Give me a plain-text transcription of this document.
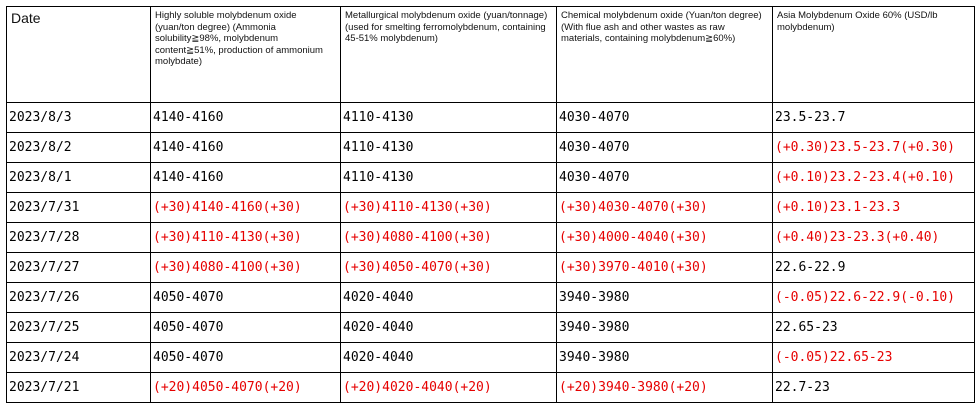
Date	Highly soluble molybdenum oxide (yuan/ton degree) (Ammonia solubility≧98%, molybdenum content≧51%, production of ammonium molybdate)	Metallurgical molybdenum oxide (yuan/tonnage) (used for smelting ferromolybdenum, containing 45-51% molybdenum)	Chemical molybdenum oxide (Yuan/ton degree) (With flue ash and other wastes as raw materials, containing molybdenum≧60%)	Asia Molybdenum Oxide 60% (USD/lb molybdenum)
2023/8/3	4140-4160	4110-4130	4030-4070	23.5-23.7
2023/8/2	4140-4160	4110-4130	4030-4070	(+0.30)23.5-23.7(+0.30)
2023/8/1	4140-4160	4110-4130	4030-4070	(+0.10)23.2-23.4(+0.10)
2023/7/31	(+30)4140-4160(+30)	(+30)4110-4130(+30)	(+30)4030-4070(+30)	(+0.10)23.1-23.3
2023/7/28	(+30)4110-4130(+30)	(+30)4080-4100(+30)	(+30)4000-4040(+30)	(+0.40)23-23.3(+0.40)
2023/7/27	(+30)4080-4100(+30)	(+30)4050-4070(+30)	(+30)3970-4010(+30)	22.6-22.9
2023/7/26	4050-4070	4020-4040	3940-3980	(-0.05)22.6-22.9(-0.10)
2023/7/25	4050-4070	4020-4040	3940-3980	22.65-23
2023/7/24	4050-4070	4020-4040	3940-3980	(-0.05)22.65-23
2023/7/21	(+20)4050-4070(+20)	(+20)4020-4040(+20)	(+20)3940-3980(+20)	22.7-23
